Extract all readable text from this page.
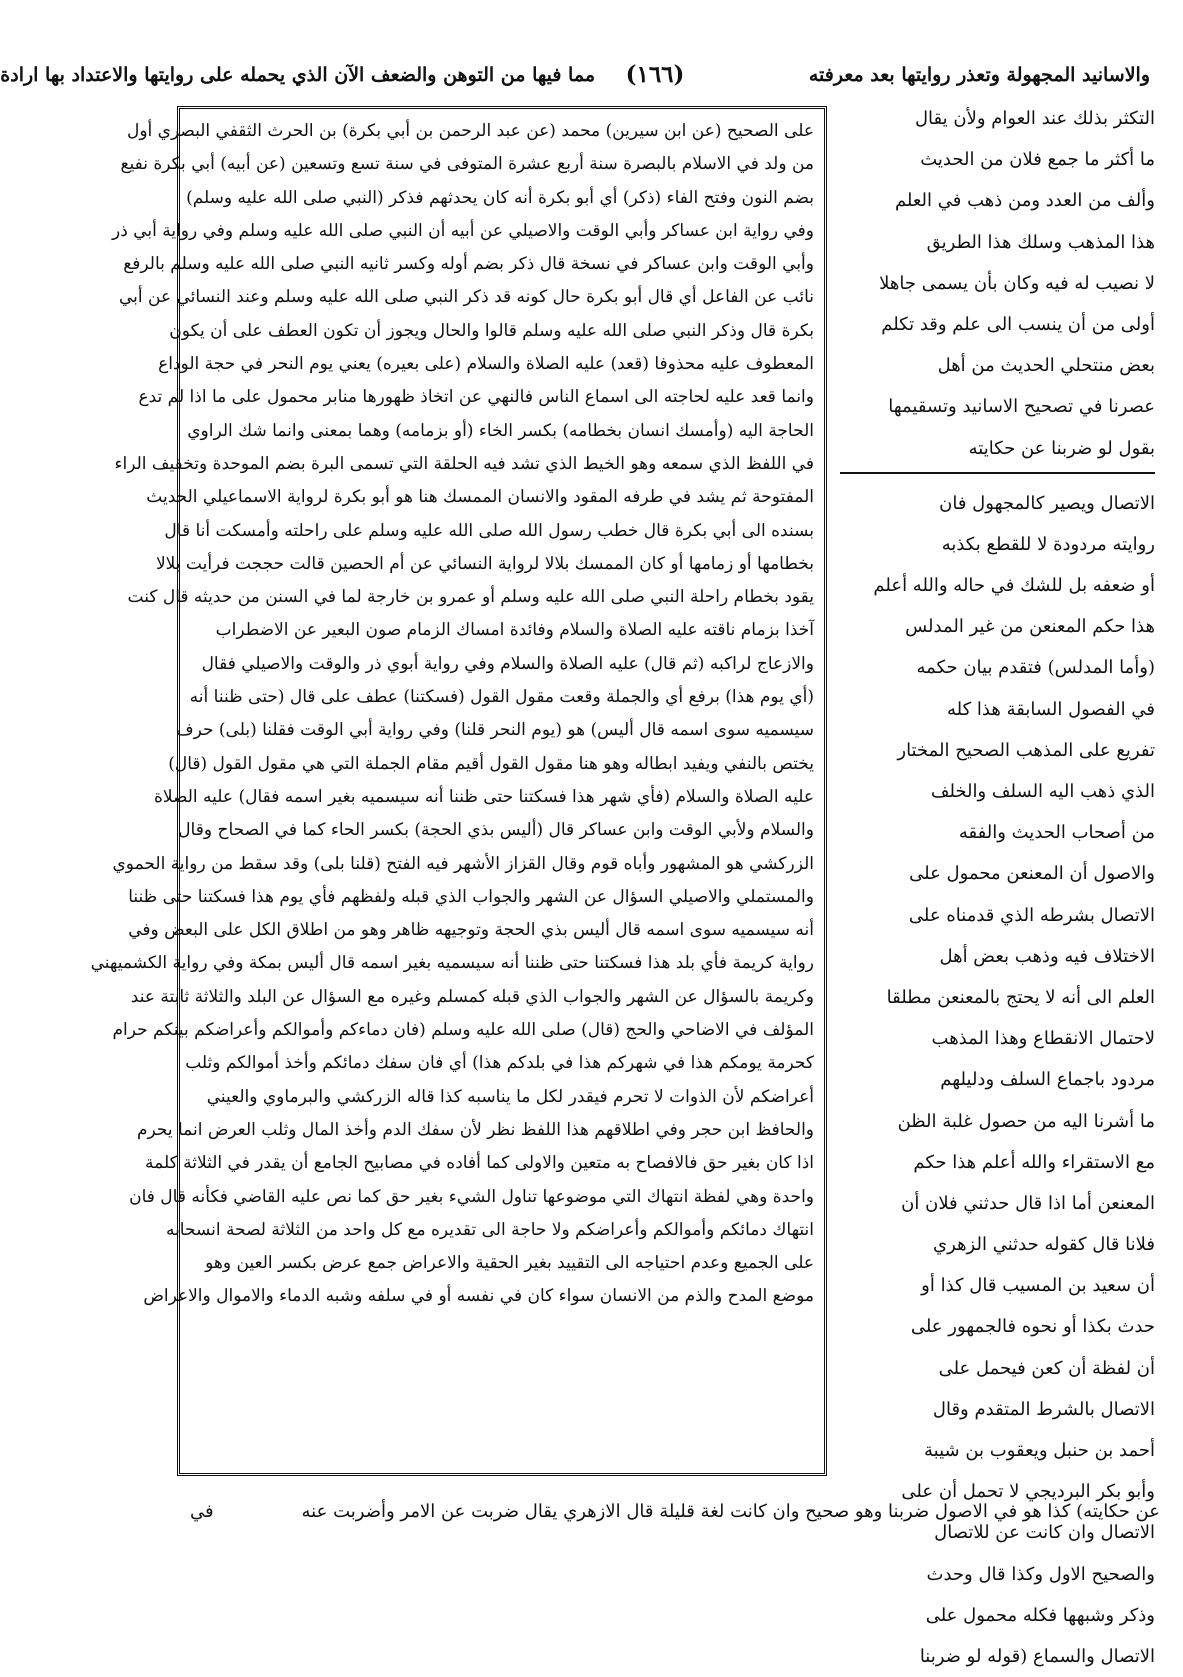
والاسانيد المجهولة وتعذر روايتها بعد معرفته
(١٦٦)
مما فيها من التوهن والضعف الآن الذي يحمله على روايتها والاعتداد بها ارادة

على الصحيح (عن ابن سيرين) محمد (عن عبد الرحمن بن أبي بكرة) بن الحرث الثقفي البصري أول

من ولد في الاسلام بالبصرة سنة أربع عشرة المتوفى في سنة تسع وتسعين (عن أبيه) أبي بكرة نفيع

بضم النون وفتح الفاء (ذكر) أي أبو بكرة أنه كان يحدثهم فذكر (النبي صلى الله عليه وسلم)

وفي رواية ابن عساكر وأبي الوقت والاصيلي عن أبيه أن النبي صلى الله عليه وسلم وفي رواية أبي ذر

وأبي الوقت وابن عساكر في نسخة قال ذكر بضم أوله وكسر ثانيه النبي صلى الله عليه وسلم بالرفع

نائب عن الفاعل أي قال أبو بكرة حال كونه قد ذكر النبي صلى الله عليه وسلم وعند النسائي عن أبي

بكرة قال وذكر النبي صلى الله عليه وسلم قالوا والحال ويجوز أن تكون العطف على أن يكون

المعطوف عليه محذوفا (قعد) عليه الصلاة والسلام (على بعيره) يعني يوم النحر في حجة الوداع

وانما قعد عليه لحاجته الى اسماع الناس فالنهي عن اتخاذ ظهورها منابر محمول على ما اذا لم تدع

الحاجة اليه (وأمسك انسان بخطامه) بكسر الخاء (أو بزمامه) وهما بمعنى وانما شك الراوي

في اللفظ الذي سمعه وهو الخيط الذي تشد فيه الحلقة التي تسمى البرة بضم الموحدة وتخفيف الراء

المفتوحة ثم يشد في طرفه المقود والانسان الممسك هنا هو أبو بكرة لرواية الاسماعيلي الحديث

بسنده الى أبي بكرة قال خطب رسول الله صلى الله عليه وسلم على راحلته وأمسكت أنا قال

بخطامها أو زمامها أو كان الممسك بلالا لرواية النسائي عن أم الحصين قالت حججت فرأيت بلالا

يقود بخطام راحلة النبي صلى الله عليه وسلم أو عمرو بن خارجة لما في السنن من حديثه قال كنت

آخذا بزمام ناقته عليه الصلاة والسلام وفائدة امساك الزمام صون البعير عن الاضطراب

والازعاج لراكبه (ثم قال) عليه الصلاة والسلام وفي رواية أبوي ذر والوقت والاصيلي فقال

(أي يوم هذا) برفع أي والجملة وقعت مقول القول (فسكتنا) عطف على قال (حتى ظننا أنه

سيسميه سوى اسمه قال أليس) هو (يوم النحر قلنا) وفي رواية أبي الوقت فقلنا (بلى) حرف

يختص بالنفي ويفيد ابطاله وهو هنا مقول القول أقيم مقام الجملة التي هي مقول القول (قال)

عليه الصلاة والسلام (فأي شهر هذا فسكتنا حتى ظننا أنه سيسميه بغير اسمه فقال) عليه الصلاة

والسلام ولأبي الوقت وابن عساكر قال (أليس بذي الحجة) بكسر الحاء كما في الصحاح وقال

الزركشي هو المشهور وأباه قوم وقال القزاز الأشهر فيه الفتح (قلنا بلى) وقد سقط من رواية الحموي

والمستملي والاصيلي السؤال عن الشهر والجواب الذي قبله ولفظهم فأي يوم هذا فسكتنا حتى ظننا

أنه سيسميه سوى اسمه قال أليس بذي الحجة وتوجيهه ظاهر وهو من اطلاق الكل على البعض وفي

رواية كريمة فأي بلد هذا فسكتنا حتى ظننا أنه سيسميه بغير اسمه قال أليس بمكة وفي رواية الكشميهني

وكريمة بالسؤال عن الشهر والجواب الذي قبله كمسلم وغيره مع السؤال عن البلد والثلاثة ثابتة عند

المؤلف في الاضاحي والحج (قال) صلى الله عليه وسلم (فان دماءكم وأموالكم وأعراضكم بينكم حرام

كحرمة يومكم هذا في شهركم هذا في بلدكم هذا) أي فان سفك دمائكم وأخذ أموالكم وثلب

أعراضكم لأن الذوات لا تحرم فيقدر لكل ما يناسبه كذا قاله الزركشي والبرماوي والعيني

والحافظ ابن حجر وفي اطلاقهم هذا اللفظ نظر لأن سفك الدم وأخذ المال وثلب العرض انما يحرم

اذا كان بغير حق فالافصاح به متعين والاولى كما أفاده في مصابيح الجامع أن يقدر في الثلاثة كلمة

واحدة وهي لفظة انتهاك التي موضوعها تناول الشيء بغير حق كما نص عليه القاضي فكأنه قال فان

انتهاك دمائكم وأموالكم وأعراضكم ولا حاجة الى تقديره مع كل واحد من الثلاثة لصحة انسحابه

على الجميع وعدم احتياجه الى التقييد بغير الحقية والاعراض جمع عرض بكسر العين وهو

موضع المدح والذم من الانسان سواء كان في نفسه أو في سلفه وشبه الدماء والاموال والاعراض

التكثر بذلك عند العوام ولأن يقال

ما أكثر ما جمع فلان من الحديث

وألف من العدد ومن ذهب في العلم

هذا المذهب وسلك هذا الطريق

لا نصيب له فيه وكان بأن يسمى جاهلا

أولى من أن ينسب الى علم وقد تكلم

بعض منتحلي الحديث من أهل

عصرنا في تصحيح الاسانيد وتسقيمها

بقول لو ضربنا عن حكايته

الاتصال ويصير كالمجهول فان

روايته مردودة لا للقطع بكذبه

أو ضعفه بل للشك في حاله والله أعلم

هذا حكم المعنعن من غير المدلس

(وأما المدلس) فتقدم بيان حكمه

في الفصول السابقة هذا كله

تفريع على المذهب الصحيح المختار

الذي ذهب اليه السلف والخلف

من أصحاب الحديث والفقه

والاصول أن المعنعن محمول على

الاتصال بشرطه الذي قدمناه على

الاختلاف فيه وذهب بعض أهل

العلم الى أنه لا يحتج بالمعنعن مطلقا

لاحتمال الانقطاع وهذا المذهب

مردود باجماع السلف ودليلهم

ما أشرنا اليه من حصول غلبة الظن

مع الاستقراء والله أعلم هذا حكم

المعنعن أما اذا قال حدثني فلان أن

فلانا قال كقوله حدثني الزهري

أن سعيد بن المسيب قال كذا أو

حدث بكذا أو نحوه فالجمهور على

أن لفظة أن كعن فيحمل على

الاتصال بالشرط المتقدم وقال

أحمد بن حنبل ويعقوب بن شيبة

وأبو بكر البرديجي لا تحمل أن على

الاتصال وان كانت عن للاتصال

والصحيح الاول وكذا قال وحدث

وذكر وشبهها فكله محمول على

الاتصال والسماع (قوله لو ضربنا

عن حكايته) كذا هو في الاصول ضربنا وهو صحيح وان كانت لغة قليلة قال الازهري يقال ضربت عن الامر وأضربت عنه
في
